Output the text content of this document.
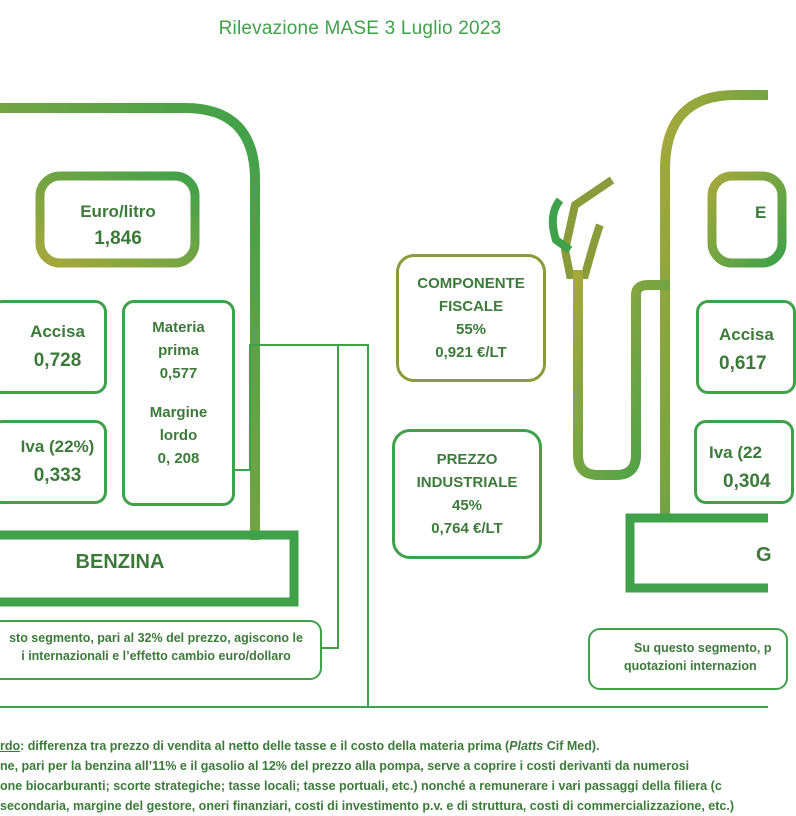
Rilevazione MASE 3 Luglio 2023
Euro/litro
1,846
Accisa
0,728
Iva (22%)
0,333
Materia
prima
0,577
Margine
lordo
0, 208
BENZINA
sto segmento, pari al 32% del prezzo, agiscono le
i internazionali e l’effetto cambio euro/dollaro
COMPONENTE
FISCALE
55%
0,921 €/LT
PREZZO
INDUSTRIALE
45%
0,764 €/LT
E
Accisa
0,617
Iva (22
0,304
G
Su questo segmento, p
quotazioni internazion
rdo: differenza tra prezzo di vendita al netto delle tasse e il costo della materia prima (Platts Cif Med).
ne, pari per la benzina all’11% e il gasolio al 12% del prezzo alla pompa, serve a coprire i costi derivanti da numerosi
one biocarburanti; scorte strategiche; tasse locali; tasse portuali, etc.) nonché a remunerare i vari passaggi della filiera (c
secondaria, margine del gestore, oneri finanziari, costi di investimento p.v. e di struttura, costi di commercializzazione, etc.)
